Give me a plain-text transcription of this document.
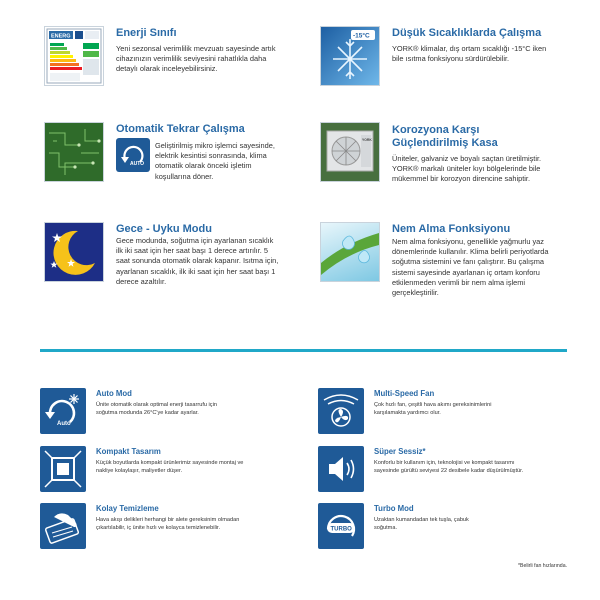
ENERG	Enerji Sınıfı

Yeni sezonsal verimlilik mevzuatı sayesinde artık cihazınızın verimlilik seviyesini rahatlıkla daha detaylı olarak inceleyebilirsiniz.

-15°C Düşük Sıcaklıklarda Çalışma

YORK® klimalar, dış ortam sıcaklığı -15°C iken bile ısıtma fonksiyonu sürdürülebilir.

AUTO
Otomatik Tekrar Çalışma

Geliştirilmiş mikro işlemci sayesinde, elektrik kesintisi sonrasında, klima otomatik olarak önceki işletim koşullarına döner.

YORK
Korozyona Karşı Güçlendirilmiş Kasa

Üniteler, galvaniz ve boyalı saçtan üretilmiştir. YORK® markalı üniteler kıyı bölgelerinde bile mükemmel bir korozyon direncine sahiptir.

Gece - Uyku Modu

Gece modunda, soğutma için ayarlanan sıcaklık ilk iki saat için her saat başı 1 derece artırılır. 5 saat sonunda otomatik olarak kapanır. Isıtma için, ayarlanan sıcaklık, ilk iki saat için her saat başı 1 derece azaltılır.

Nem Alma Fonksiyonu

Nem alma fonksiyonu, genellikle yağmurlu yaz dönemlerinde kullanılır. Klima belirli periyotlarda soğutma sistemini ve fanı çalıştırır. Bu çalışma sistemi sayesinde ayarlanan iç ortam konforu etkilenmeden verimli bir nem alma işlemi gerçekleştirilir.

Auto
Auto Mod

Ünite otomatik olarak optimal enerji tasarrufu için soğutma modunda 26°C'ye kadar ayarlar.

Multi-Speed Fan

Çok hızlı fan, çeşitli hava akımı gereksinimlerini karşılamakta yardımcı olur.

Kompakt Tasarım

Küçük boyutlarda kompakt ürünlerimiz sayesinde montaj ve nakliye kolaylaşır, maliyetler düşer.

Süper Sessiz*

Konforlu bir kullanım için, teknolojisi ve kompakt tasarımı sayesinde gürültü seviyesi 22 desibele kadar düşürülmüştür.

Kolay Temizleme

Hava akışı delikleri herhangi bir alete gereksinim olmadan çıkartılabilir, iç ünite hızlı ve kolayca temizlenebilir.	TURBO
Turbo Mod

Uzaktan kumandadan tek tuşla, çabuk soğutma.

*Belirli fan hızlarında.
